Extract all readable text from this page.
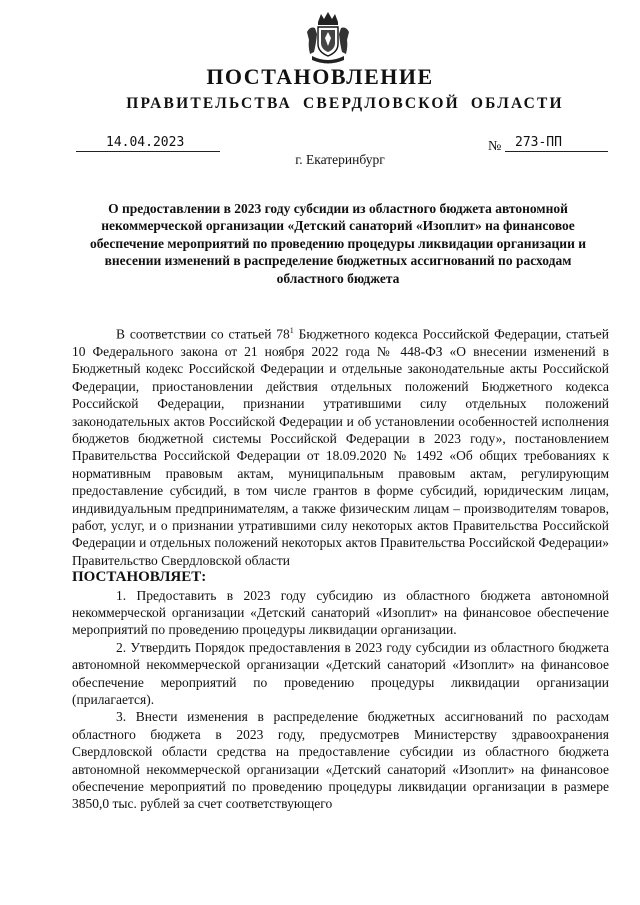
ПОСТАНОВЛЕНИЕ
ПРАВИТЕЛЬСТВА СВЕРДЛОВСКОЙ ОБЛАСТИ
14.04.2023	№	273-ПП
г. Екатеринбург
О предоставлении в 2023 году субсидии из областного бюджета автономной некоммерческой организации «Детский санаторий «Изоплит» на финансовое обеспечение мероприятий по проведению процедуры ликвидации организации и внесении изменений в распределение бюджетных ассигнований по расходам областного бюджета

В соответствии со статьей $78^1$ Бюджетного кодекса Российской Федерации, статьей 10 Федерального закона от 21 ноября 2022 года № 448-ФЗ «О внесении изменений в Бюджетный кодекс Российской Федерации и отдельные законодательные акты Российской Федерации, приостановлении действия отдельных положений Бюджетного кодекса Российской Федерации, признании утратившими силу отдельных положений законодательных актов Российской Федерации и об установлении особенностей исполнения бюджетов бюджетной системы Российской Федерации в 2023 году», постановлением Правительства Российской Федерации от 18.09.2020 № 1492 «Об общих требованиях к нормативным правовым актам, муниципальным правовым актам, регулирующим предоставление субсидий, в том числе грантов в форме субсидий, юридическим лицам, индивидуальным предпринимателям, а также физическим лицам – производителям товаров, работ, услуг, и о признании утратившими силу некоторых актов Правительства Российской Федерации и отдельных положений некоторых актов Правительства Российской Федерации» Правительство Свердловской области

ПОСТАНОВЛЯЕТ:

1. Предоставить в 2023 году субсидию из областного бюджета автономной некоммерческой организации «Детский санаторий «Изоплит» на финансовое обеспечение мероприятий по проведению процедуры ликвидации организации.

2. Утвердить Порядок предоставления в 2023 году субсидии из областного бюджета автономной некоммерческой организации «Детский санаторий «Изоплит» на финансовое обеспечение мероприятий по проведению процедуры ликвидации организации (прилагается).

3. Внести изменения в распределение бюджетных ассигнований по расходам областного бюджета в 2023 году, предусмотрев Министерству здравоохранения Свердловской области средства на предоставление субсидии из областного бюджета автономной некоммерческой организации «Детский санаторий «Изоплит» на финансовое обеспечение мероприятий по проведению процедуры ликвидации организации в размере 3850,0 тыс. рублей за счет соответствующего
